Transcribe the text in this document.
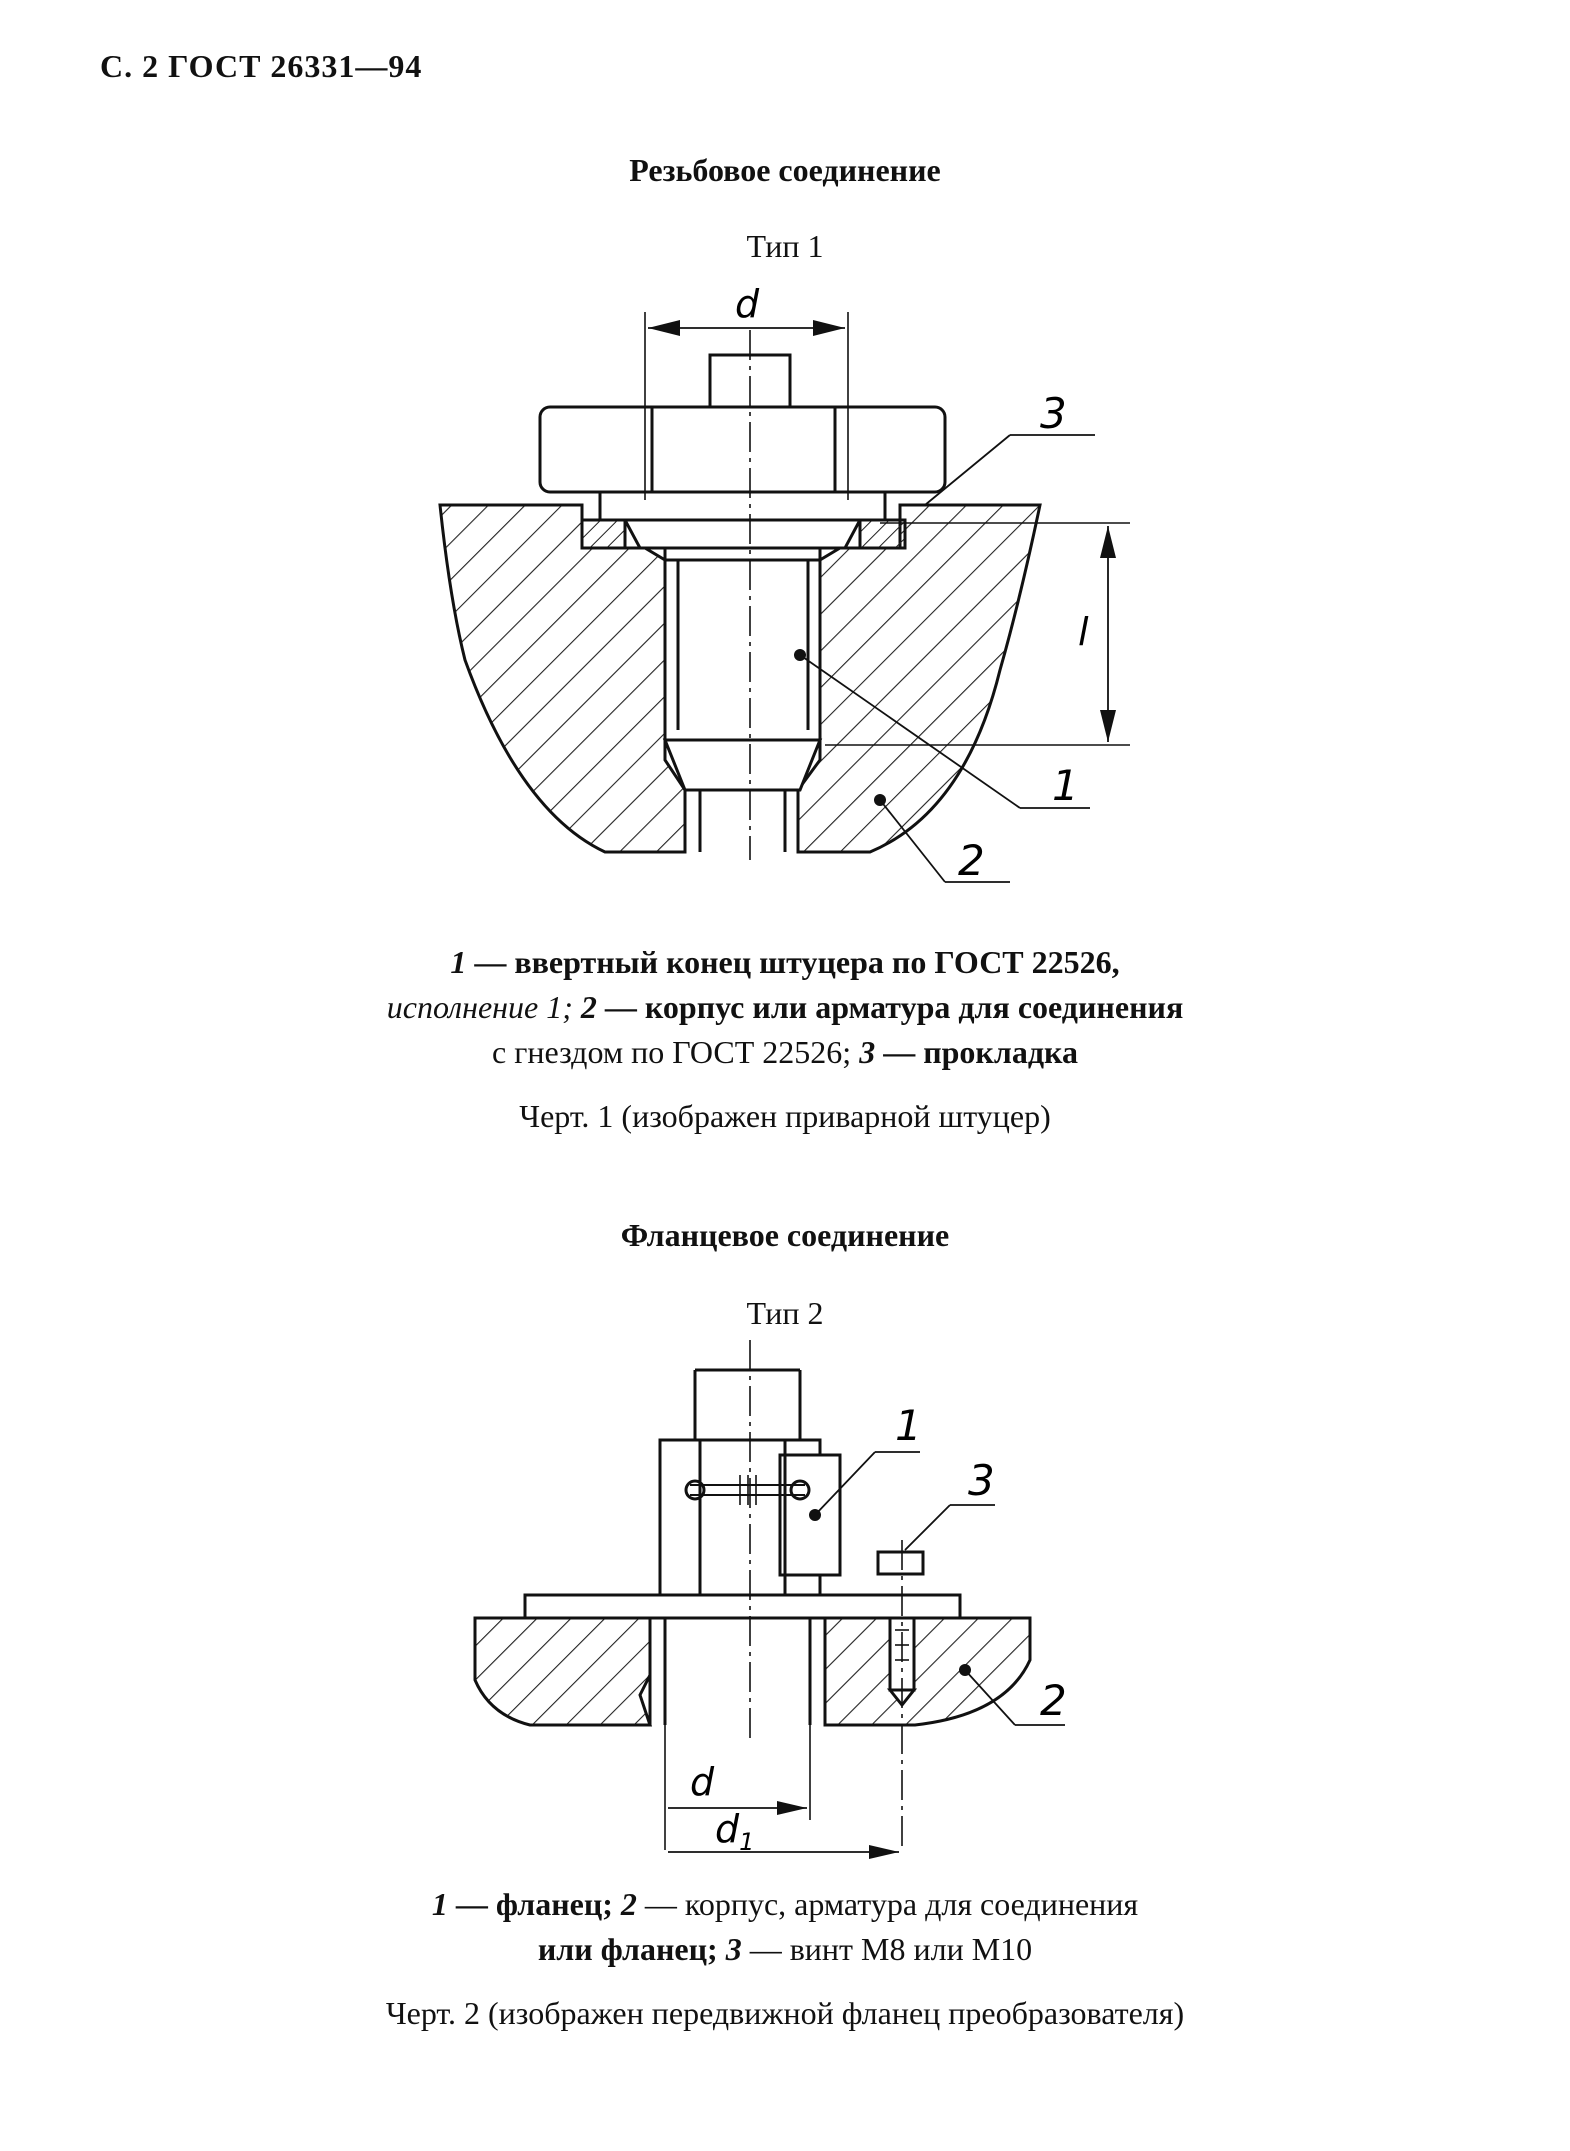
С. 2 ГОСТ 26331—94
Резьбовое соединение
Тип 1
d
l
3
1
2
1 — ввертный конец штуцера по ГОСТ 22526,
исполнение 1; 2 — корпус или арматура для соединения
с гнездом по ГОСТ 22526; 3 — прокладка
Черт. 1 (изображен приварной штуцер)
Фланцевое соединение
Тип 2
d
$d_1$
1
3
2
1 — фланец; 2 — корпус, арматура для соединения
или фланец; 3 — винт М8 или М10
Черт. 2 (изображен передвижной фланец преобразователя)
